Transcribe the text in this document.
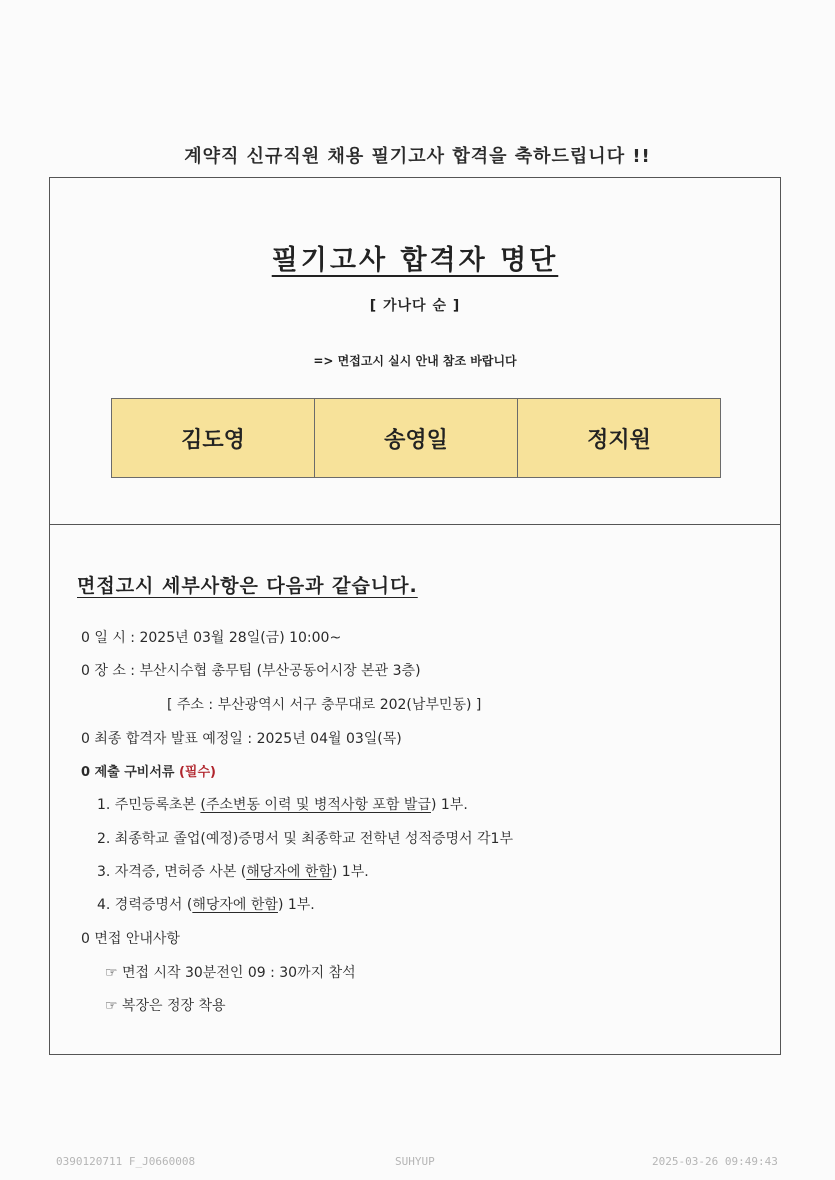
계약직 신규직원 채용 필기고사 합격을 축하드립니다 !!
필기고사 합격자 명단
[ 가나다 순 ]
=> 면접고시 실시 안내 참조 바랍니다
김도영	송영일	정지원
면접고시 세부사항은 다음과 같습니다.
0 일 시 : 2025년 03월 28일(금) 10:00~
0 장 소 : 부산시수협 총무팀 (부산공동어시장 본관 3층)
[ 주소 : 부산광역시 서구 충무대로 202(남부민동) ]
0 최종 합격자 발표 예정일 : 2025년 04월 03일(목)
0 제출 구비서류 (필수)
1. 주민등록초본 (주소변동 이력 및 병적사항 포함 발급) 1부.
2. 최종학교 졸업(예정)증명서 및 최종학교 전학년 성적증명서 각1부
3. 자격증, 면허증 사본 (해당자에 한함) 1부.
4. 경력증명서 (해당자에 한함) 1부.
0 면접 안내사항
☞ 면접 시작 30분전인 09 : 30까지 참석
☞ 복장은 정장 착용
0390120711 F_J0660008	SUHYUP	2025-03-26 09:49:43
